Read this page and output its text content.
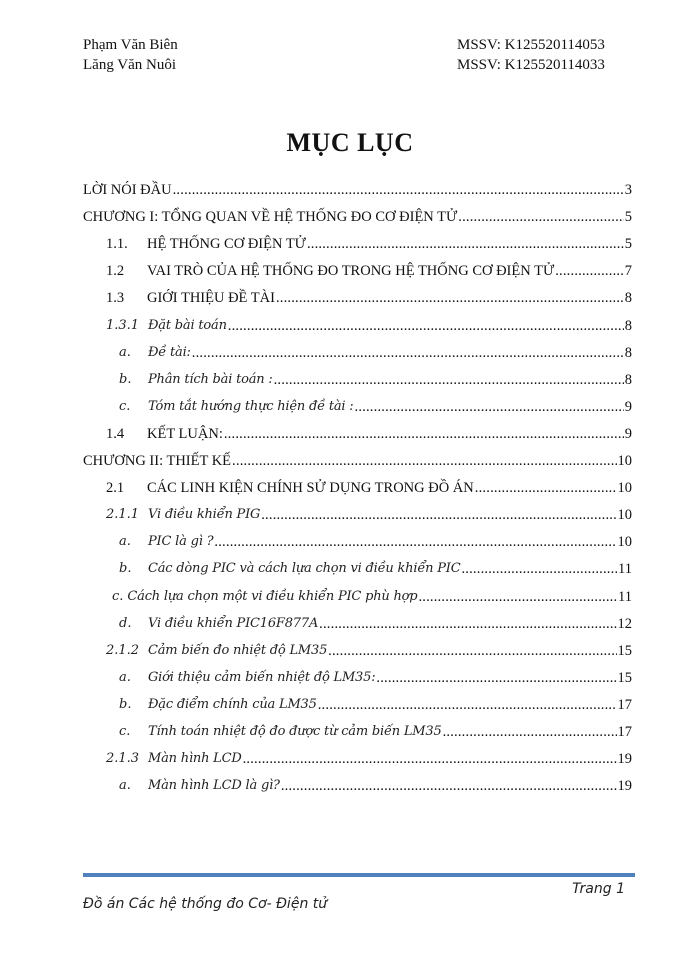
Phạm Văn Biên	MSSV: K125520114053
Lăng Văn Nuôi	MSSV: K125520114033
MỤC LỤC
LỜI NÓI ĐẦU .....	3
CHƯƠNG I: TỔNG QUAN VỀ HỆ THỐNG ĐO CƠ ĐIỆN TỬ .....	5
1.1.	HỆ THỐNG CƠ ĐIỆN TỬ .....	5
1.2	VAI TRÒ CỦA HỆ THỐNG ĐO TRONG HỆ THỐNG CƠ ĐIỆN TỬ .....	7
1.3	GIỚI THIỆU ĐỀ TÀI .....	8
1.3.1 Đặt bài toán .....	8
a.	Đề tài: .....	8
b.	Phân tích bài toán : .....	8
c.	Tóm tắt hướng thực hiện đề tài : .....	9
1.4	KẾT LUẬN: .....	9
CHƯƠNG II: THIẾT KẾ .....	10
2.1	CÁC LINH KIỆN CHÍNH SỬ DỤNG TRONG ĐỒ ÁN .....	10
2.1.1 Vi điều khiển PIG .....	10
a.	PIC là gì ? .....	10
b.	Các dòng PIC và cách lựa chọn vi điều khiển PIC .....	11
c. Cách lựa chọn một vi điều khiển PIC phù hợp .....	11
d.	Vi điều khiển PIC16F877A .....	12
2.1.2 Cảm biến đo nhiệt độ LM35 .....	15
a.	Giới thiệu cảm biến nhiệt độ LM35: .....	15
b.	Đặc điểm chính của LM35 .....	17
c.	Tính toán nhiệt độ đo được từ cảm biến LM35 .....	17
2.1.3 Màn hình LCD .....	19
a.	Màn hình LCD là gì? .....	19
Trang 1
Đồ án Các hệ thống đo Cơ- Điện tử
